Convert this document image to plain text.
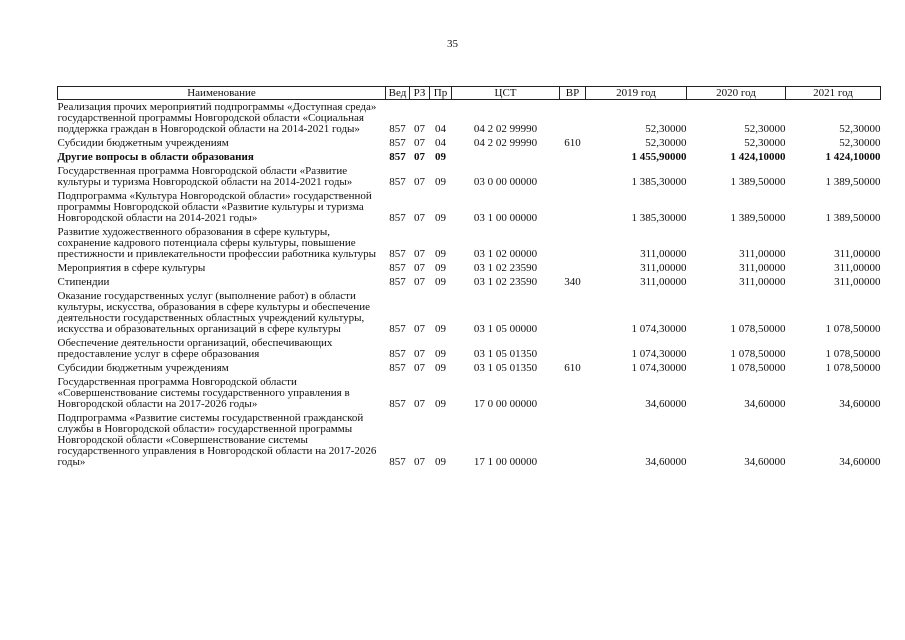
35
Наименование	Вед	РЗ	Пр	ЦСТ	ВР	2019 год	2020 год	2021 год
Реализация прочих мероприятий подпрограммы «Доступная среда» государственной программы Новгородской области «Социальная поддержка граждан в Новгородской области на 2014-2021 годы»	857	07	04	04 2 02 99990		52,30000	52,30000	52,30000
Субсидии бюджетным учреждениям	857	07	04	04 2 02 99990	610	52,30000	52,30000	52,30000
Другие вопросы в области образования	857	07	09			1 455,90000	1 424,10000	1 424,10000
Государственная программа Новгородской области «Развитие культуры и туризма Новгородской области на 2014-2021 годы»	857	07	09	03 0 00 00000		1 385,30000	1 389,50000	1 389,50000
Подпрограмма «Культура Новгородской области» государственной программы Новгородской области «Развитие культуры и туризма Новгородской области на 2014-2021 годы»	857	07	09	03 1 00 00000		1 385,30000	1 389,50000	1 389,50000
Развитие художественного образования в сфере культуры, сохранение кадрового потенциала сферы культуры, повышение престижности и привлекательности профессии работника культуры	857	07	09	03 1 02 00000		311,00000	311,00000	311,00000
Мероприятия в сфере культуры	857	07	09	03 1 02 23590		311,00000	311,00000	311,00000
Стипендии	857	07	09	03 1 02 23590	340	311,00000	311,00000	311,00000
Оказание государственных услуг (выполнение работ) в области культуры, искусства, образования в сфере культуры и обеспечение деятельности государственных областных учреждений культуры, искусства и образовательных организаций в сфере культуры	857	07	09	03 1 05 00000		1 074,30000	1 078,50000	1 078,50000
Обеспечение деятельности организаций, обеспечивающих предоставление услуг в сфере образования	857	07	09	03 1 05 01350		1 074,30000	1 078,50000	1 078,50000
Субсидии бюджетным учреждениям	857	07	09	03 1 05 01350	610	1 074,30000	1 078,50000	1 078,50000
Государственная программа Новгородской области «Совершенствование системы государственного управления в Новгородской области на 2017-2026 годы»	857	07	09	17 0 00 00000		34,60000	34,60000	34,60000
Подпрограмма «Развитие системы государственной гражданской службы в Новгородской области» государственной программы Новгородской области «Совершенствование системы государственного управления в Новгородской области на 2017-2026 годы»	857	07	09	17 1 00 00000		34,60000	34,60000	34,60000
